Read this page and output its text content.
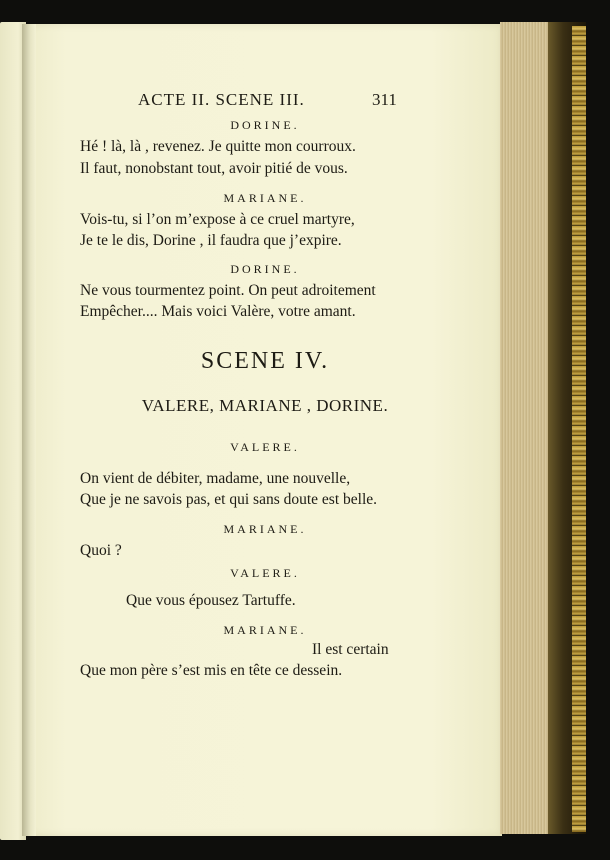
ACTE II. SCENE III.	311

DORINE.

Hé ! là, là , revenez. Je quitte mon courroux.

Il faut, nonobstant tout, avoir pitié de vous.

MARIANE.

Vois-tu, si l’on m’expose à ce cruel martyre,

Je te le dis, Dorine , il faudra que j’expire.

DORINE.

Ne vous tourmentez point. On peut adroitement

Empêcher.... Mais voici Valère, votre amant.

SCENE IV.

VALERE, MARIANE , DORINE.

VALERE.

On vient de débiter, madame, une nouvelle,

Que je ne savois pas, et qui sans doute est belle.

MARIANE.

Quoi ?

VALERE.

Que vous épousez Tartuffe.

MARIANE.

Il est certain

Que mon père s’est mis en tête ce dessein.
